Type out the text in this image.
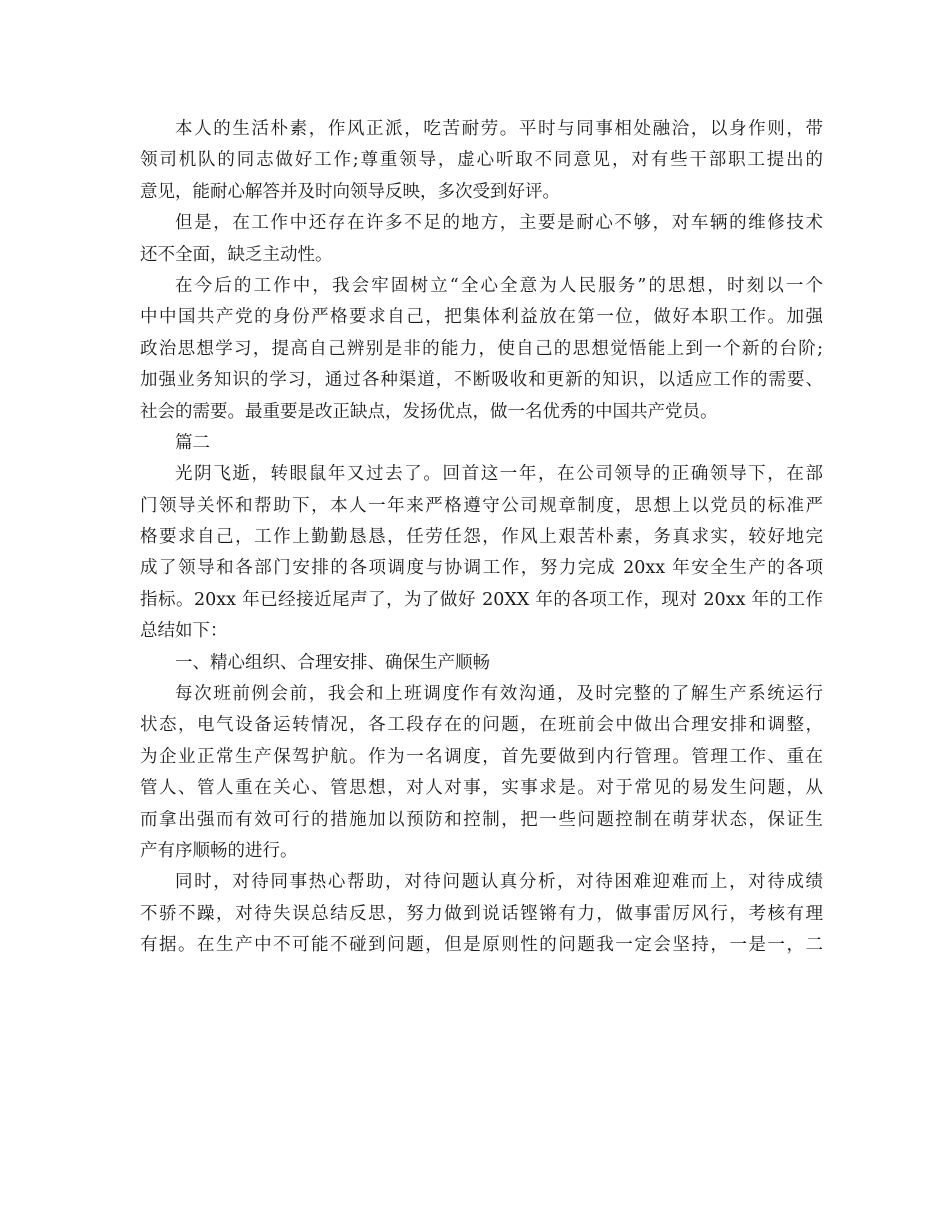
本人的生活朴素，作风正派，吃苦耐劳。平时与同事相处融洽，以身作则，带
领司机队的同志做好工作;尊重领导，虚心听取不同意见，对有些干部职工提出的
意见，能耐心解答并及时向领导反映，多次受到好评。
但是，在工作中还存在许多不足的地方，主要是耐心不够，对车辆的维修技术
还不全面，缺乏主动性。
在今后的工作中，我会牢固树立“全心全意为人民服务”的思想，时刻以一个
中中国共产党的身份严格要求自己，把集体利益放在第一位，做好本职工作。加强
政治思想学习，提高自己辨别是非的能力，使自己的思想觉悟能上到一个新的台阶;
加强业务知识的学习，通过各种渠道，不断吸收和更新的知识，以适应工作的需要、
社会的需要。最重要是改正缺点，发扬优点，做一名优秀的中国共产党员。
篇二
光阴飞逝，转眼鼠年又过去了。回首这一年，在公司领导的正确领导下，在部
门领导关怀和帮助下，本人一年来严格遵守公司规章制度，思想上以党员的标准严
格要求自己，工作上勤勤恳恳，任劳任怨，作风上艰苦朴素，务真求实，较好地完
成了领导和各部门安排的各项调度与协调工作，努力完成 20xx 年安全生产的各项
指标。20xx 年已经接近尾声了，为了做好 20XX 年的各项工作，现对 20xx 年的工作
总结如下：
一、精心组织、合理安排、确保生产顺畅
每次班前例会前，我会和上班调度作有效沟通，及时完整的了解生产系统运行
状态，电气设备运转情况，各工段存在的问题，在班前会中做出合理安排和调整，
为企业正常生产保驾护航。作为一名调度，首先要做到内行管理。管理工作、重在
管人、管人重在关心、管思想，对人对事，实事求是。对于常见的易发生问题，从
而拿出强而有效可行的措施加以预防和控制，把一些问题控制在萌芽状态，保证生
产有序顺畅的进行。
同时，对待同事热心帮助，对待问题认真分析，对待困难迎难而上，对待成绩
不骄不躁，对待失误总结反思，努力做到说话铿锵有力，做事雷厉风行，考核有理
有据。在生产中不可能不碰到问题，但是原则性的问题我一定会坚持，一是一，二
